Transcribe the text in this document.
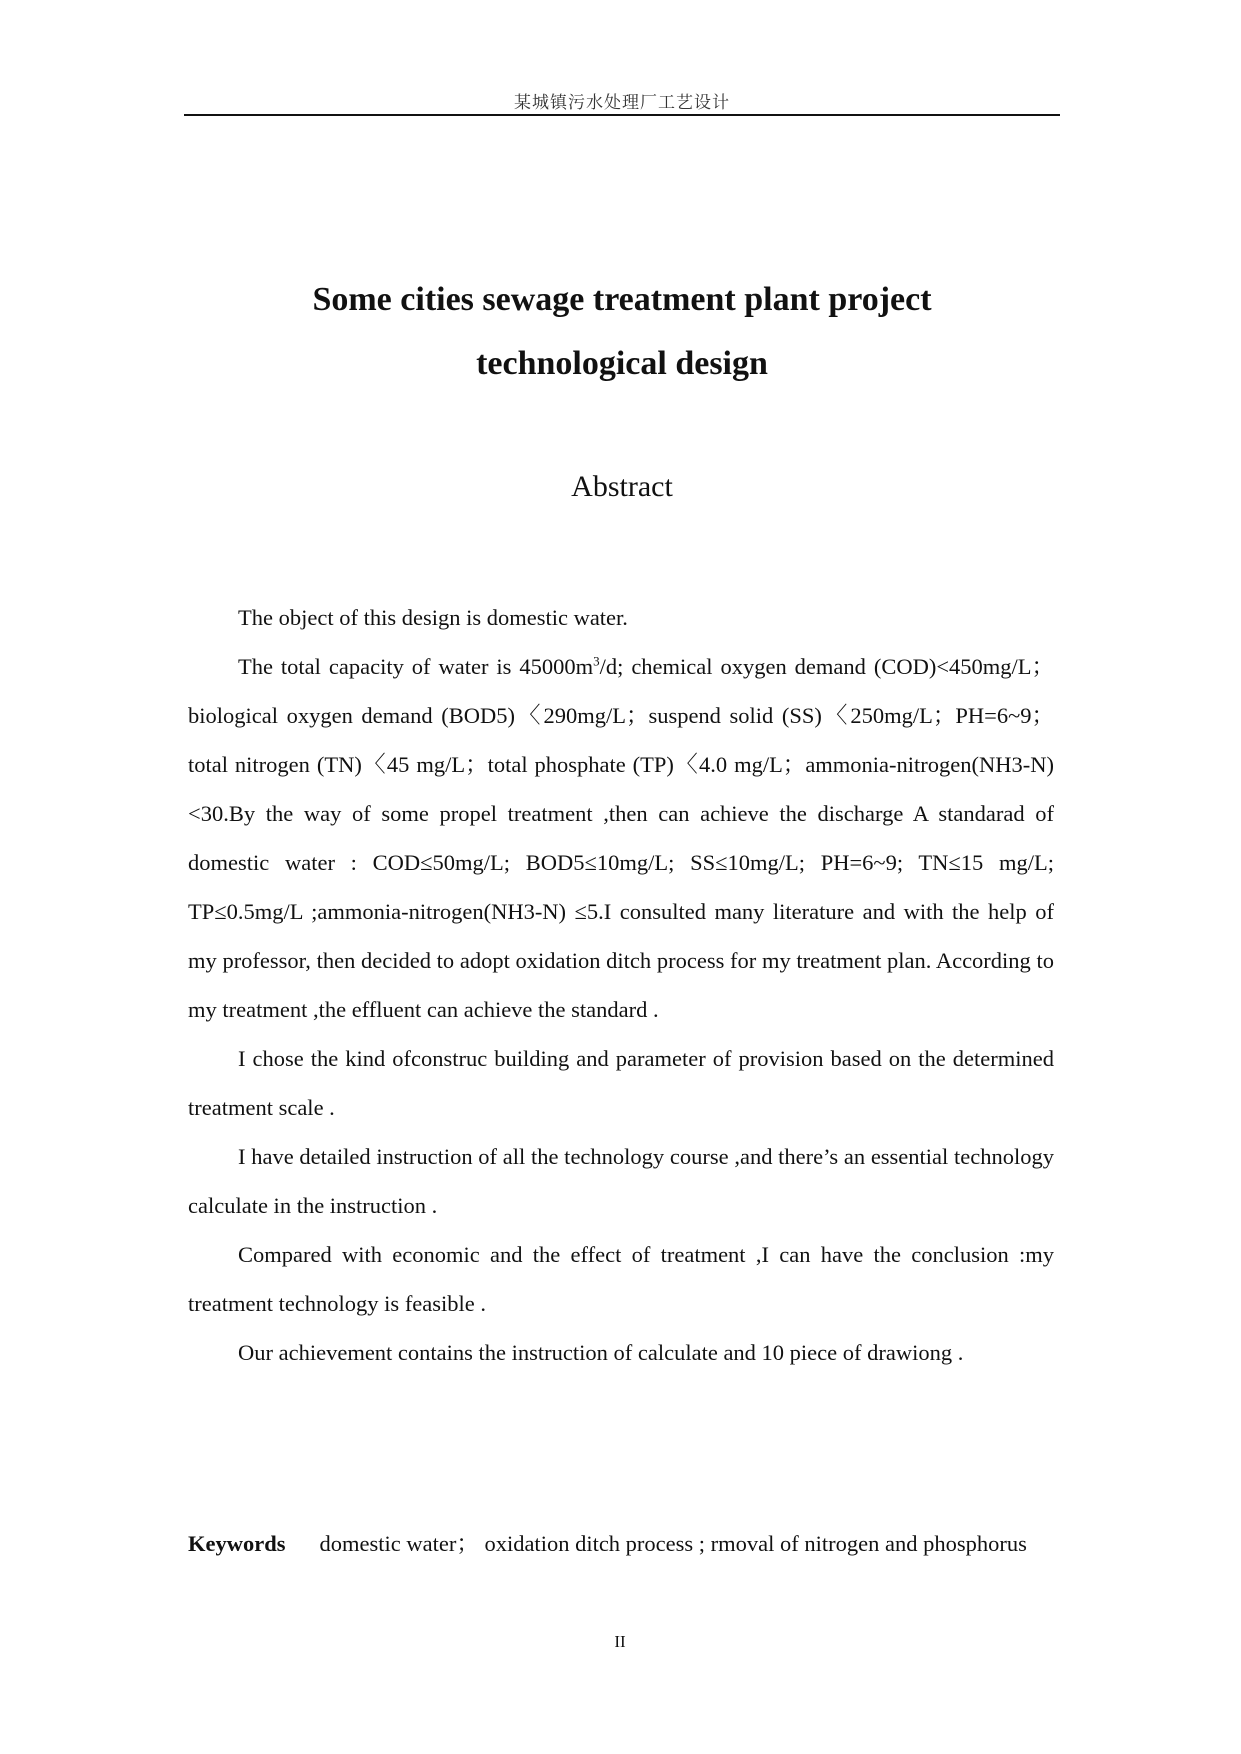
某城镇污水处理厂工艺设计
Some cities sewage treatment plant project
technological design
Abstract

The object of this design is domestic water.

The total capacity of water is $45000m^3/d$; chemical oxygen demand (COD)<450mg/L；biological oxygen demand (BOD5)〈290mg/L；suspend solid (SS)〈250mg/L；PH=6~9；total nitrogen (TN)〈45 mg/L；total phosphate (TP)〈4.0 mg/L；ammonia-nitrogen(NH3-N)<30.By the way of some propel treatment ,then can achieve the discharge A standarad of domestic water : COD≤50mg/L; BOD5≤10mg/L; SS≤10mg/L; PH=6~9; TN≤15 mg/L; TP≤0.5mg/L ;ammonia-nitrogen(NH3-N) ≤5.I consulted many literature and with the help of my professor, then decided to adopt oxidation ditch process for my treatment plan. According to my treatment ,the effluent can achieve the standard .

I chose the kind ofconstruc building and parameter of provision based on the determined treatment scale .

I have detailed instruction of all the technology course ,and there’s an essential technology calculate in the instruction .

Compared with economic and the effect of treatment ,I can have the conclusion :my treatment technology is feasible .

Our achievement contains the instruction of calculate and 10 piece of drawiong .

Keywords domestic water； oxidation ditch process ; rmoval of nitrogen and phosphorus
II
